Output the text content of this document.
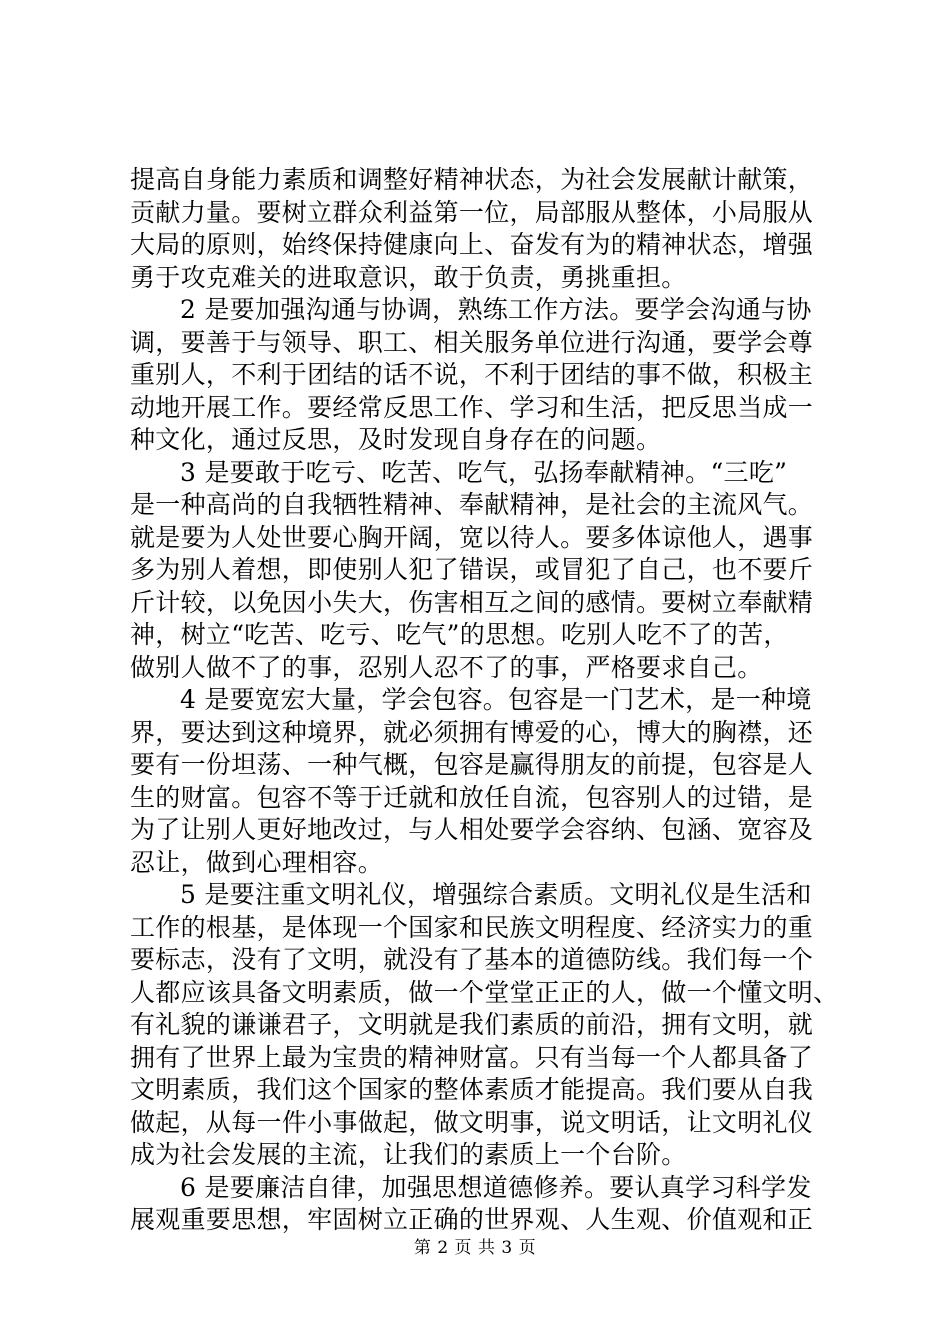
提高自身能力素质和调整好精神状态，为社会发展献计献策，
贡献力量。要树立群众利益第一位，局部服从整体，小局服从
大局的原则，始终保持健康向上、奋发有为的精神状态，增强
勇于攻克难关的进取意识，敢于负责，勇挑重担。
2 是要加强沟通与协调，熟练工作方法。要学会沟通与协
调，要善于与领导、职工、相关服务单位进行沟通，要学会尊
重别人，不利于团结的话不说，不利于团结的事不做，积极主
动地开展工作。要经常反思工作、学习和生活，把反思当成一
种文化，通过反思，及时发现自身存在的问题。
3 是要敢于吃亏、吃苦、吃气，弘扬奉献精神。“三吃”
是一种高尚的自我牺牲精神、奉献精神，是社会的主流风气。
就是要为人处世要心胸开阔，宽以待人。要多体谅他人，遇事
多为别人着想，即使别人犯了错误，或冒犯了自己，也不要斤
斤计较，以免因小失大，伤害相互之间的感情。要树立奉献精
神，树立“吃苦、吃亏、吃气”的思想。吃别人吃不了的苦，
做别人做不了的事，忍别人忍不了的事，严格要求自己。
4 是要宽宏大量，学会包容。包容是一门艺术，是一种境
界，要达到这种境界，就必须拥有博爱的心，博大的胸襟，还
要有一份坦荡、一种气概，包容是赢得朋友的前提，包容是人
生的财富。包容不等于迁就和放任自流，包容别人的过错，是
为了让别人更好地改过，与人相处要学会容纳、包涵、宽容及
忍让，做到心理相容。
5 是要注重文明礼仪，增强综合素质。文明礼仪是生活和
工作的根基，是体现一个国家和民族文明程度、经济实力的重
要标志，没有了文明，就没有了基本的道德防线。我们每一个
人都应该具备文明素质，做一个堂堂正正的人，做一个懂文明、
有礼貌的谦谦君子，文明就是我们素质的前沿，拥有文明，就
拥有了世界上最为宝贵的精神财富。只有当每一个人都具备了
文明素质，我们这个国家的整体素质才能提高。我们要从自我
做起，从每一件小事做起，做文明事，说文明话，让文明礼仪
成为社会发展的主流，让我们的素质上一个台阶。
6 是要廉洁自律，加强思想道德修养。要认真学习科学发
展观重要思想，牢固树立正确的世界观、人生观、价值观和正
第 2 页 共 3 页
